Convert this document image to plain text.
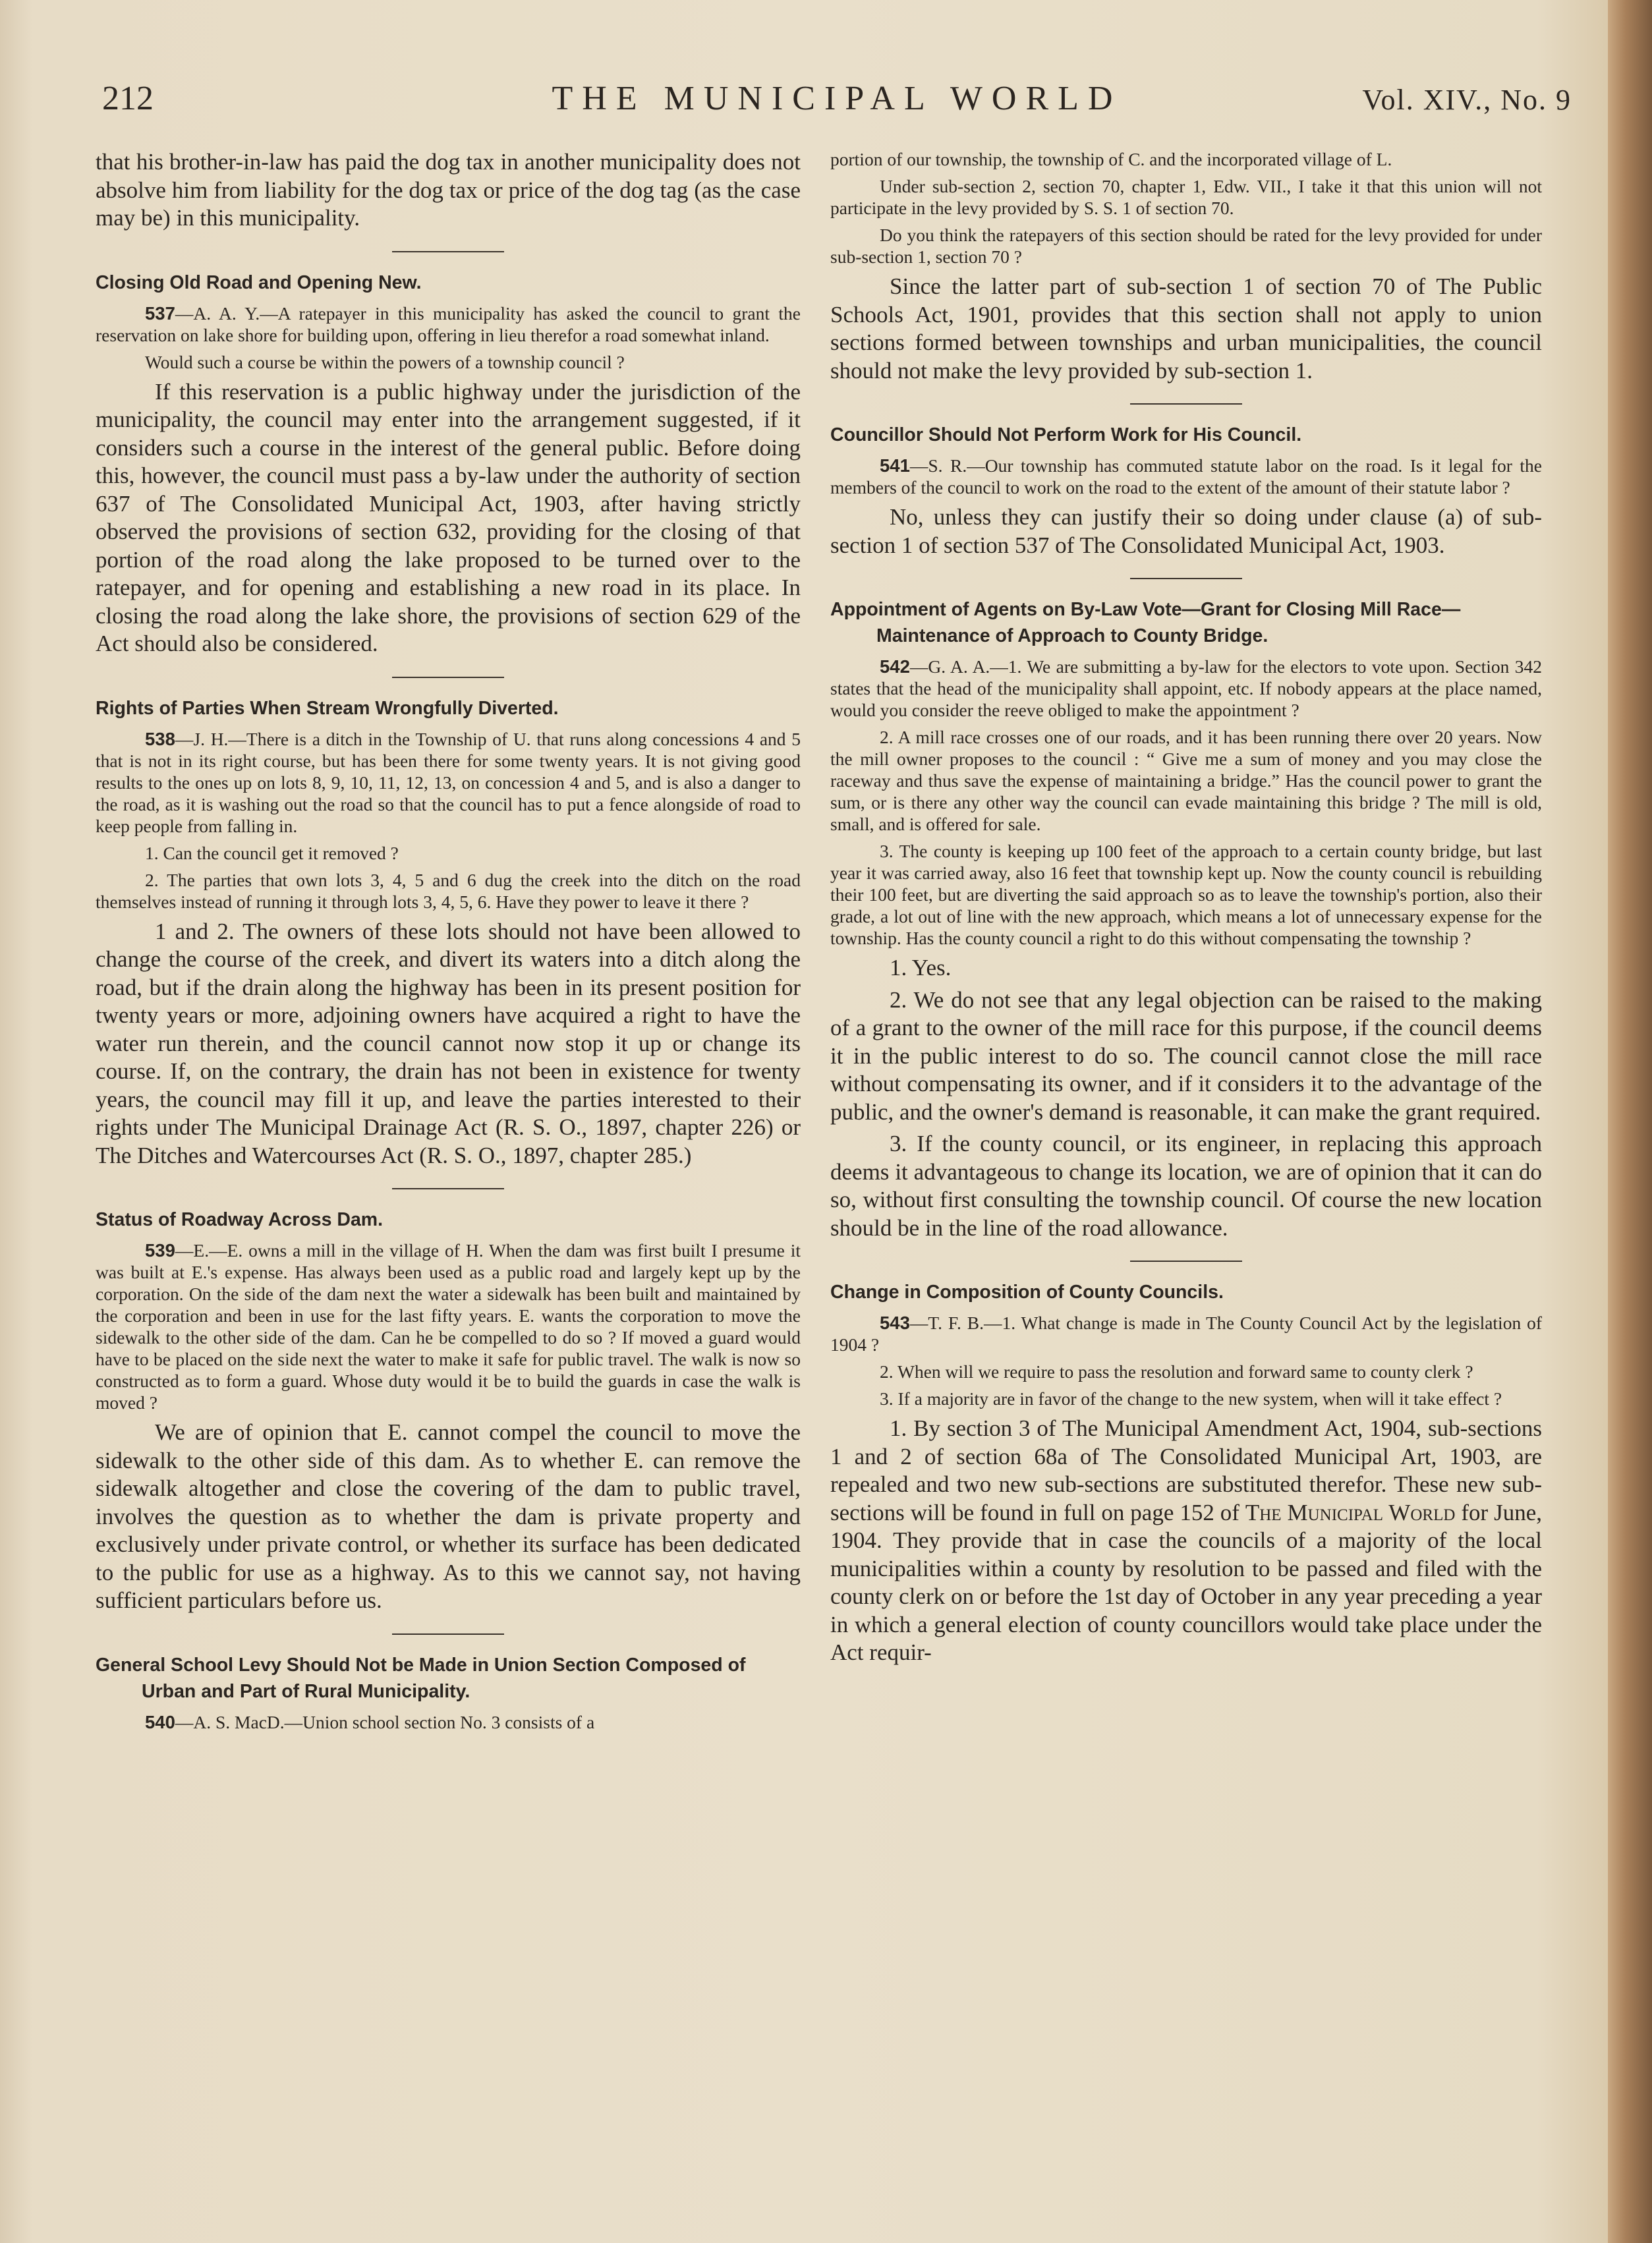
212	THE MUNICIPAL WORLD	Vol. XIV., No. 9

that his brother-in-law has paid the dog tax in another municipality does not absolve him from liability for the dog tax or price of the dog tag (as the case may be) in this municipality.

Closing Old Road and Opening New.

537—A. A. Y.—A ratepayer in this municipality has asked the council to grant the reservation on lake shore for building upon, offering in lieu therefor a road somewhat inland.

Would such a course be within the powers of a township council ?

If this reservation is a public highway under the jurisdiction of the municipality, the council may enter into the arrangement suggested, if it considers such a course in the interest of the general public. Before doing this, however, the council must pass a by-law under the authority of section 637 of The Consolidated Municipal Act, 1903, after having strictly observed the provisions of section 632, providing for the closing of that portion of the road along the lake proposed to be turned over to the ratepayer, and for opening and establishing a new road in its place. In closing the road along the lake shore, the provisions of section 629 of the Act should also be considered.

Rights of Parties When Stream Wrongfully Diverted.

538—J. H.—There is a ditch in the Township of U. that runs along concessions 4 and 5 that is not in its right course, but has been there for some twenty years. It is not giving good results to the ones up on lots 8, 9, 10, 11, 12, 13, on concession 4 and 5, and is also a danger to the road, as it is washing out the road so that the council has to put a fence alongside of road to keep people from falling in.

1. Can the council get it removed ?

2. The parties that own lots 3, 4, 5 and 6 dug the creek into the ditch on the road themselves instead of running it through lots 3, 4, 5, 6. Have they power to leave it there ?

1 and 2. The owners of these lots should not have been allowed to change the course of the creek, and divert its waters into a ditch along the road, but if the drain along the highway has been in its present position for twenty years or more, adjoining owners have acquired a right to have the water run therein, and the council cannot now stop it up or change its course. If, on the contrary, the drain has not been in existence for twenty years, the council may fill it up, and leave the parties interested to their rights under The Municipal Drainage Act (R. S. O., 1897, chapter 226) or The Ditches and Watercourses Act (R. S. O., 1897, chapter 285.)

Status of Roadway Across Dam.

539—E.—E. owns a mill in the village of H. When the dam was first built I presume it was built at E.'s expense. Has always been used as a public road and largely kept up by the corporation. On the side of the dam next the water a sidewalk has been built and maintained by the corporation and been in use for the last fifty years. E. wants the corporation to move the sidewalk to the other side of the dam. Can he be compelled to do so ? If moved a guard would have to be placed on the side next the water to make it safe for public travel. The walk is now so constructed as to form a guard. Whose duty would it be to build the guards in case the walk is moved ?

We are of opinion that E. cannot compel the council to move the sidewalk to the other side of this dam. As to whether E. can remove the sidewalk altogether and close the covering of the dam to public travel, involves the question as to whether the dam is private property and exclusively under private control, or whether its surface has been dedicated to the public for use as a highway. As to this we cannot say, not having sufficient particulars before us.

General School Levy Should Not be Made in Union Section Composed of Urban and Part of Rural Municipality.

540—A. S. MacD.—Union school section No. 3 consists of a

portion of our township, the township of C. and the incorporated village of L.

Under sub-section 2, section 70, chapter 1, Edw. VII., I take it that this union will not participate in the levy provided by S. S. 1 of section 70.

Do you think the ratepayers of this section should be rated for the levy provided for under sub-section 1, section 70 ?

Since the latter part of sub-section 1 of section 70 of The Public Schools Act, 1901, provides that this section shall not apply to union sections formed between townships and urban municipalities, the council should not make the levy provided by sub-section 1.

Councillor Should Not Perform Work for His Council.

541—S. R.—Our township has commuted statute labor on the road. Is it legal for the members of the council to work on the road to the extent of the amount of their statute labor ?

No, unless they can justify their so doing under clause (a) of sub-section 1 of section 537 of The Consolidated Municipal Act, 1903.

Appointment of Agents on By-Law Vote—Grant for Closing Mill Race—Maintenance of Approach to County Bridge.

542—G. A. A.—1. We are submitting a by-law for the electors to vote upon. Section 342 states that the head of the municipality shall appoint, etc. If nobody appears at the place named, would you consider the reeve obliged to make the appointment ?

2. A mill race crosses one of our roads, and it has been running there over 20 years. Now the mill owner proposes to the council : “ Give me a sum of money and you may close the raceway and thus save the expense of maintaining a bridge.” Has the council power to grant the sum, or is there any other way the council can evade maintaining this bridge ? The mill is old, small, and is offered for sale.

3. The county is keeping up 100 feet of the approach to a certain county bridge, but last year it was carried away, also 16 feet that township kept up. Now the county council is rebuilding their 100 feet, but are diverting the said approach so as to leave the township's portion, also their grade, a lot out of line with the new approach, which means a lot of unnecessary expense for the township. Has the county council a right to do this without compensating the township ?

1. Yes.

2. We do not see that any legal objection can be raised to the making of a grant to the owner of the mill race for this purpose, if the council deems it in the public interest to do so. The council cannot close the mill race without compensating its owner, and if it considers it to the advantage of the public, and the owner's demand is reasonable, it can make the grant required.

3. If the county council, or its engineer, in replacing this approach deems it advantageous to change its location, we are of opinion that it can do so, without first consulting the township council. Of course the new location should be in the line of the road allowance.

Change in Composition of County Councils.

543—T. F. B.—1. What change is made in The County Council Act by the legislation of 1904 ?

2. When will we require to pass the resolution and forward same to county clerk ?

3. If a majority are in favor of the change to the new system, when will it take effect ?

1. By section 3 of The Municipal Amendment Act, 1904, sub-sections 1 and 2 of section 68a of The Consolidated Municipal Art, 1903, are repealed and two new sub-sections are substituted therefor. These new sub-sections will be found in full on page 152 of The Municipal World for June, 1904. They provide that in case the councils of a majority of the local municipalities within a county by resolution to be passed and filed with the county clerk on or before the 1st day of October in any year preceding a year in which a general election of county councillors would take place under the Act requir-
